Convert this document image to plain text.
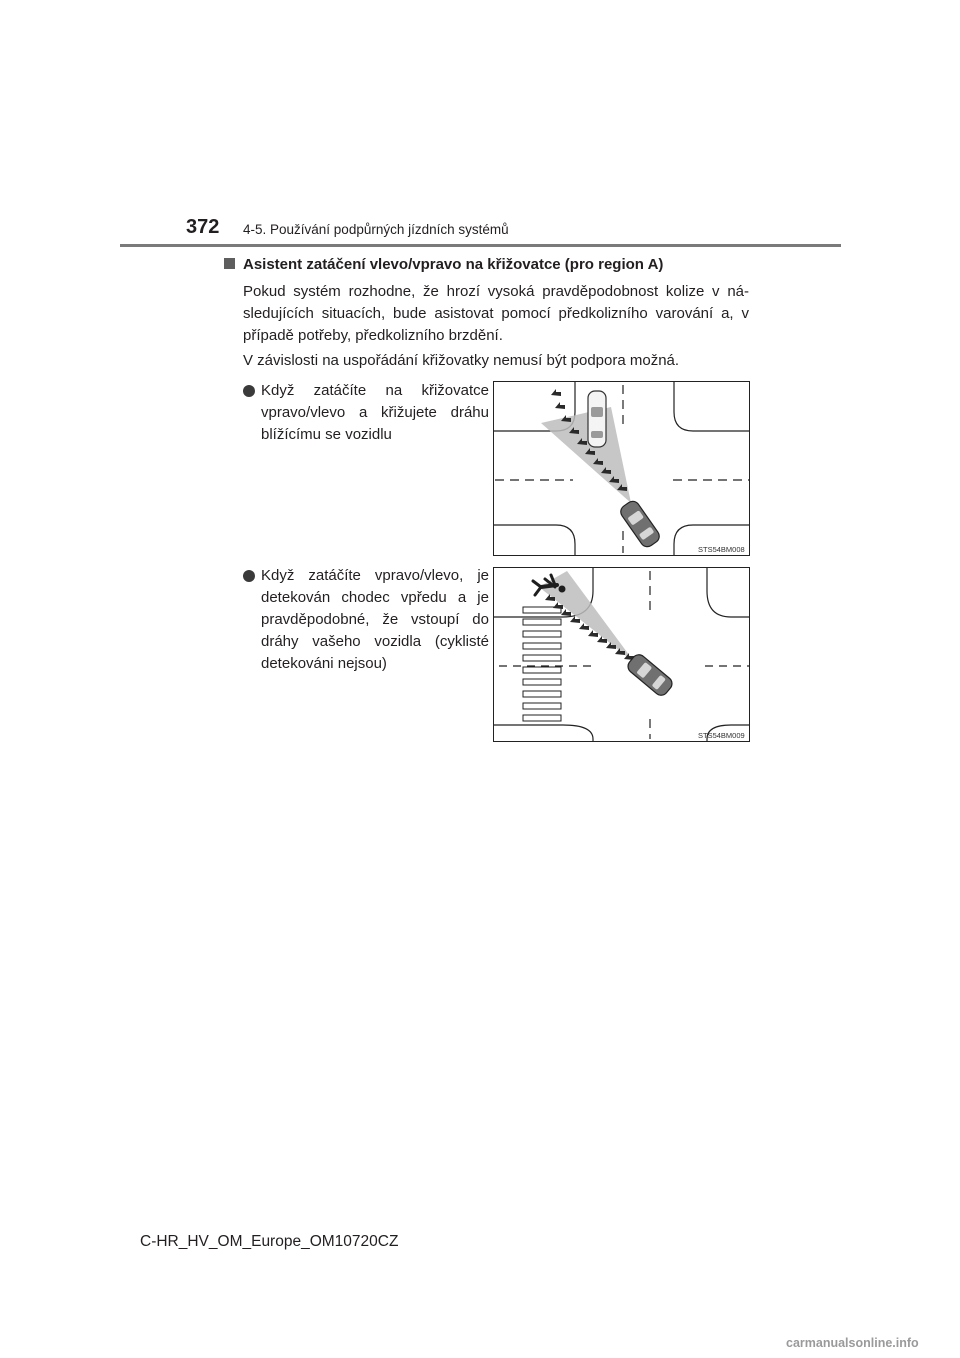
372 4-5. Používání podpůrných jízdních systémů
Asistent zatáčení vlevo/vpravo na křižovatce (pro region A)
Pokud systém rozhodne, že hrozí vysoká pravděpodobnost kolize v ná-sledujících situacích, bude asistovat pomocí předkolizního varování a, v případě potřeby, předkolizního brzdění.
V závislosti na uspořádání křižovatky nemusí být podpora možná.
Když zatáčíte na křižovatce vpravo/vlevo a křižujete dráhu blížícímu se vozidlu
STS54BM008
Když zatáčíte vpravo/vlevo, je detekován chodec vpředu a je pravděpodobné, že vstoupí do dráhy vašeho vozidla (cyklisté detekováni nejsou)
STS54BM009
C-HR_HV_OM_Europe_OM10720CZ
carmanualsonline.info
